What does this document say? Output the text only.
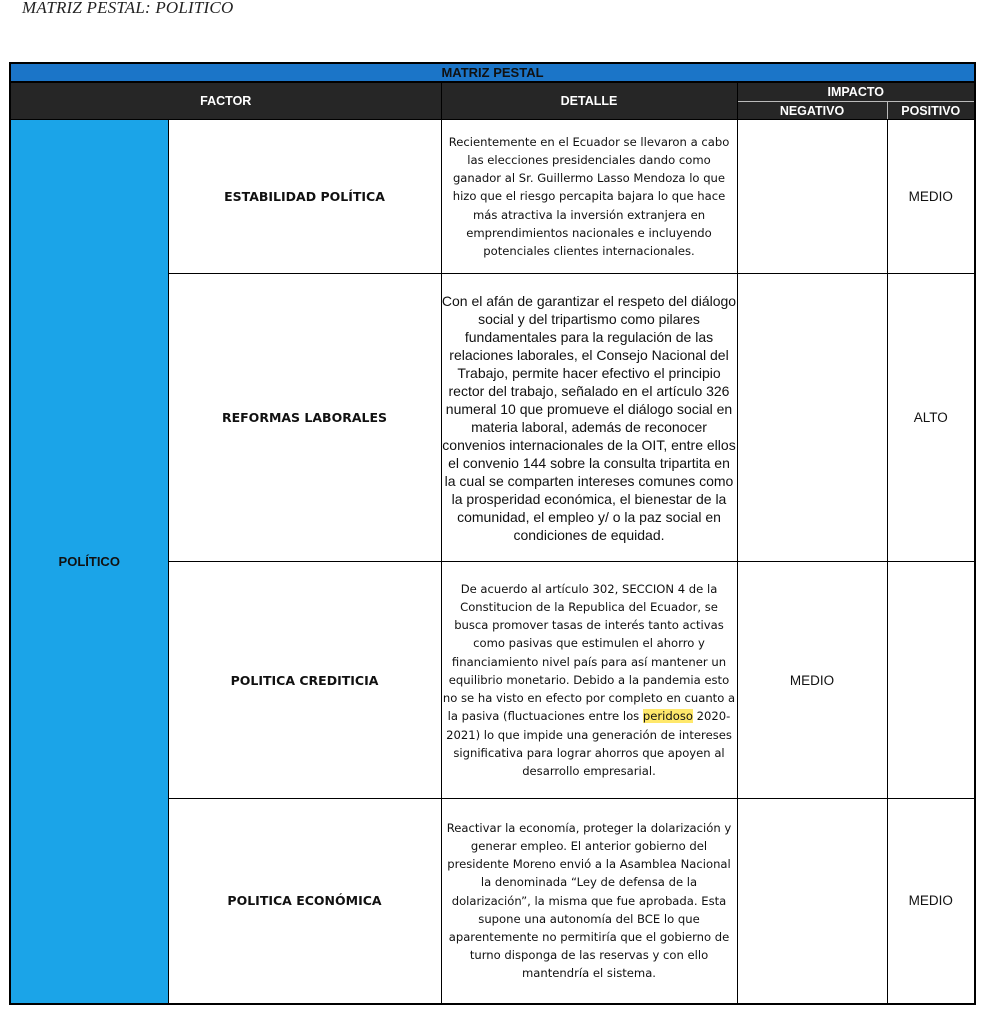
MATRIZ PESTAL: POLITICO
MATRIZ PESTAL				
FACTOR		DETALLE	IMPACTO	
			NEGATIVO	POSITIVO
POLÍTICO	ESTABILIDAD POLÍTICA	Recientemente en el Ecuador se llevaron a cabo las elecciones presidenciales dando como ganador al Sr. Guillermo Lasso Mendoza lo que hizo que el riesgo percapita bajara lo que hace más atractiva la inversión extranjera en emprendimientos nacionales e incluyendo potenciales clientes internacionales.		MEDIO
	REFORMAS LABORALES	Con el afán de garantizar el respeto del diálogo social y del tripartismo como pilares fundamentales para la regulación de las relaciones laborales, el Consejo Nacional del Trabajo, permite hacer efectivo el principio rector del trabajo, señalado en el artículo 326 numeral 10 que promueve el diálogo social en materia laboral, además de reconocer convenios internacionales de la OIT, entre ellos el convenio 144 sobre la consulta tripartita en la cual se comparten intereses comunes como la prosperidad económica, el bienestar de la comunidad, el empleo y/ o la paz social en condiciones de equidad.		ALTO
	POLITICA CREDITICIA	De acuerdo al artículo 302, SECCION 4 de la Constitucion de la Republica del Ecuador, se busca promover tasas de interés tanto activas como pasivas que estimulen el ahorro y financiamiento nivel país para así mantener un equilibrio monetario. Debido a la pandemia esto no se ha visto en efecto por completo en cuanto a la pasiva (fluctuaciones entre los peridoso 2020-2021) lo que impide una generación de intereses significativa para lograr ahorros que apoyen al desarrollo empresarial.	MEDIO	
	POLITICA ECONÓMICA	Reactivar la economía, proteger la dolarización y generar empleo. El anterior gobierno del presidente Moreno envió a la Asamblea Nacional la denominada “Ley de defensa de la dolarización”, la misma que fue aprobada. Esta supone una autonomía del BCE lo que aparentemente no permitiría que el gobierno de turno disponga de las reservas y con ello mantendría el sistema.		MEDIO
